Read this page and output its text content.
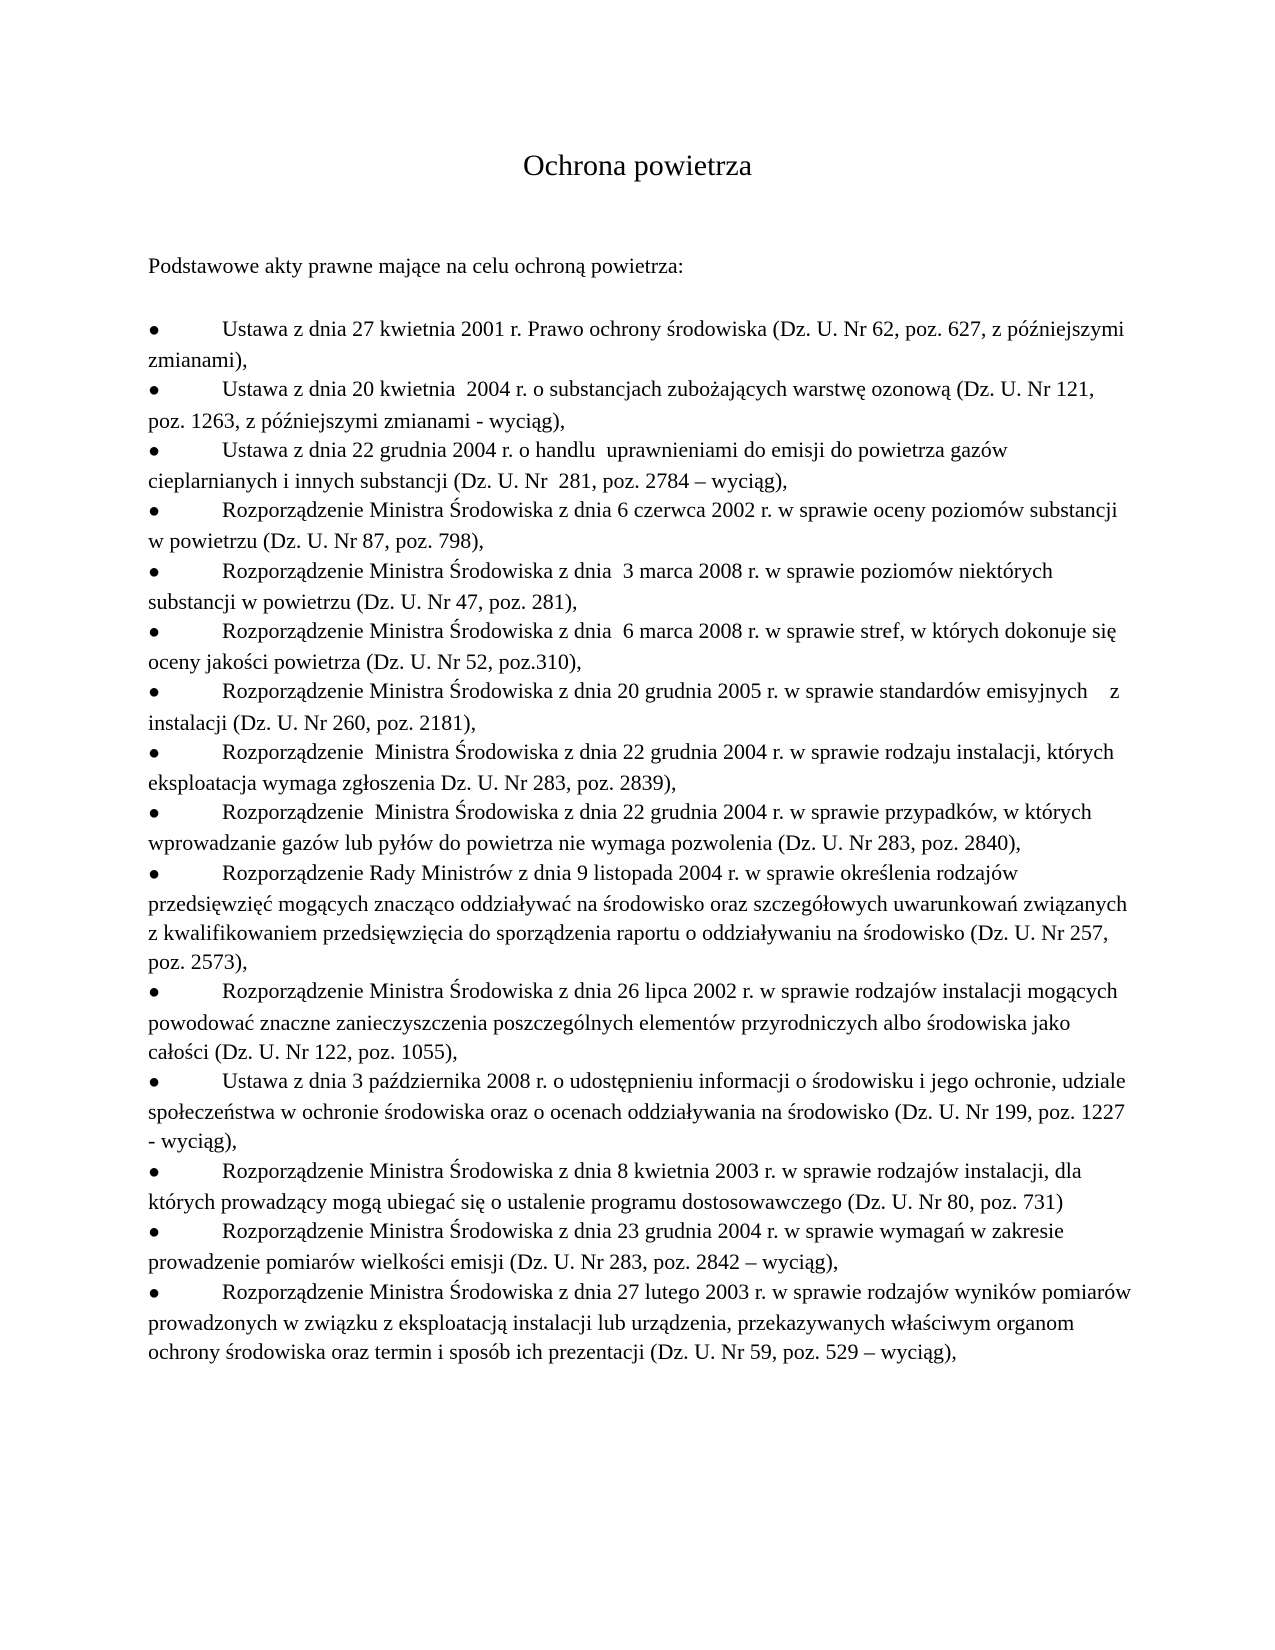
Ochrona powietrza

Podstawowe akty prawne mające na celu ochroną powietrza:

●	Ustawa z dnia 27 kwietnia 2001 r. Prawo ochrony środowiska (Dz. U. Nr 62, poz. 627, z późniejszymi zmianami),
●	Ustawa z dnia 20 kwietnia  2004 r. o substancjach zubożających warstwę ozonową (Dz. U. Nr 121, poz. 1263, z późniejszymi zmianami - wyciąg),
●	Ustawa z dnia 22 grudnia 2004 r. o handlu  uprawnieniami do emisji do powietrza gazów cieplarnianych i innych substancji (Dz. U. Nr  281, poz. 2784 – wyciąg),
●	Rozporządzenie Ministra Środowiska z dnia 6 czerwca 2002 r. w sprawie oceny poziomów substancji w powietrzu (Dz. U. Nr 87, poz. 798),
●	Rozporządzenie Ministra Środowiska z dnia  3 marca 2008 r. w sprawie poziomów niektórych substancji w powietrzu (Dz. U. Nr 47, poz. 281),
●	Rozporządzenie Ministra Środowiska z dnia  6 marca 2008 r. w sprawie stref, w których dokonuje się oceny jakości powietrza (Dz. U. Nr 52, poz.310),
●	Rozporządzenie Ministra Środowiska z dnia 20 grudnia 2005 r. w sprawie standardów emisyjnych    z instalacji (Dz. U. Nr 260, poz. 2181),
●	Rozporządzenie  Ministra Środowiska z dnia 22 grudnia 2004 r. w sprawie rodzaju instalacji, których eksploatacja wymaga zgłoszenia Dz. U. Nr 283, poz. 2839),
●	Rozporządzenie  Ministra Środowiska z dnia 22 grudnia 2004 r. w sprawie przypadków, w których wprowadzanie gazów lub pyłów do powietrza nie wymaga pozwolenia (Dz. U. Nr 283, poz. 2840),
●	Rozporządzenie Rady Ministrów z dnia 9 listopada 2004 r. w sprawie określenia rodzajów przedsięwzięć mogących znacząco oddziaływać na środowisko oraz szczegółowych uwarunkowań związanych z kwalifikowaniem przedsięwzięcia do sporządzenia raportu o oddziaływaniu na środowisko (Dz. U. Nr 257, poz. 2573),
●	Rozporządzenie Ministra Środowiska z dnia 26 lipca 2002 r. w sprawie rodzajów instalacji mogących powodować znaczne zanieczyszczenia poszczególnych elementów przyrodniczych albo środowiska jako całości (Dz. U. Nr 122, poz. 1055),
●	Ustawa z dnia 3 października 2008 r. o udostępnieniu informacji o środowisku i jego ochronie, udziale społeczeństwa w ochronie środowiska oraz o ocenach oddziaływania na środowisko (Dz. U. Nr 199, poz. 1227 - wyciąg),
●	Rozporządzenie Ministra Środowiska z dnia 8 kwietnia 2003 r. w sprawie rodzajów instalacji, dla których prowadzący mogą ubiegać się o ustalenie programu dostosowawczego (Dz. U. Nr 80, poz. 731)
●	Rozporządzenie Ministra Środowiska z dnia 23 grudnia 2004 r. w sprawie wymagań w zakresie prowadzenie pomiarów wielkości emisji (Dz. U. Nr 283, poz. 2842 – wyciąg),
●	Rozporządzenie Ministra Środowiska z dnia 27 lutego 2003 r. w sprawie rodzajów wyników pomiarów prowadzonych w związku z eksploatacją instalacji lub urządzenia, przekazywanych właściwym organom ochrony środowiska oraz termin i sposób ich prezentacji (Dz. U. Nr 59, poz. 529 – wyciąg),
